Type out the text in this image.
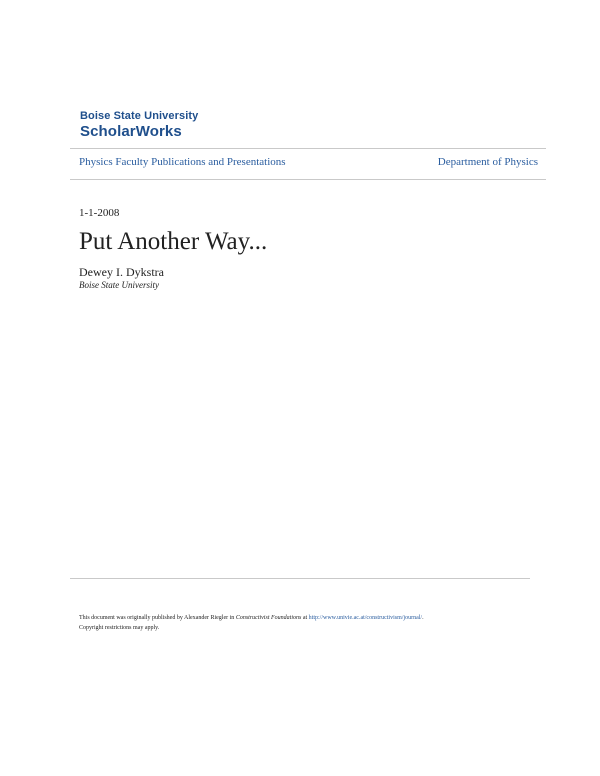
Boise State University
ScholarWorks
Physics Faculty Publications and Presentations	Department of Physics
1-1-2008
Put Another Way...
Dewey I. Dykstra
Boise State University
This document was originally published by Alexander Riegler in Constructivist Foundations at http://www.univie.ac.at/constructivism/journal/.
Copyright restrictions may apply.
